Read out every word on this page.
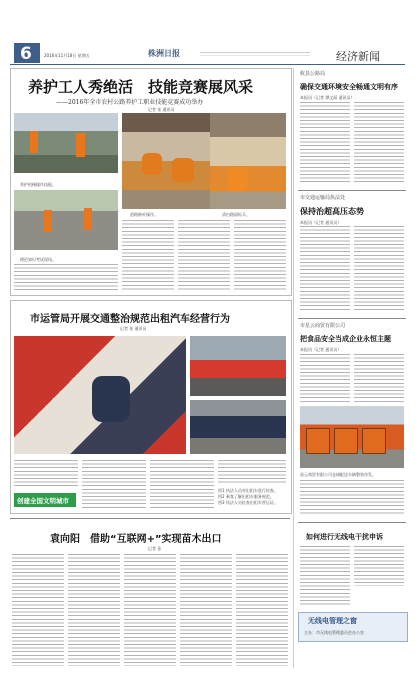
6	2016年11月18日 星期五	株洲日报	经济新闻
养护工人秀绝活　技能竞赛展风采
——2016年全市农村公路养护工职业技能竞赛成功举办
养护机械操作技能。
理论知识考试现场。
道路修补操作。	清扫路面标兵。
记者 张 通讯员
市运管局开展交通整治规范出租汽车经营行为
记者 张 通讯员
图1 执法人员对出租车进行检查。
图2 乘客了解出租车服务规范。
图3 执法人员检查出租车营运证。
创建全国文明城市
袁向阳　借助“互联网+”实现苗木出口
记者 张
攸县公路局
确保交通环境安全畅通文明有序
本报讯（记者 谭文丽 通讯员）
市交通运输局执法处
保持治超高压态势
本报讯（记者 通讯员）
市星云商贸有限公司
把食品安全当成企业永恒主题
本报讯（记者 通讯员）
星云商贸有限公司仓储配送车辆整装待发。
如何进行无线电干扰申诉
无线电管理之窗
主办：市无线电管理委员会办公室
